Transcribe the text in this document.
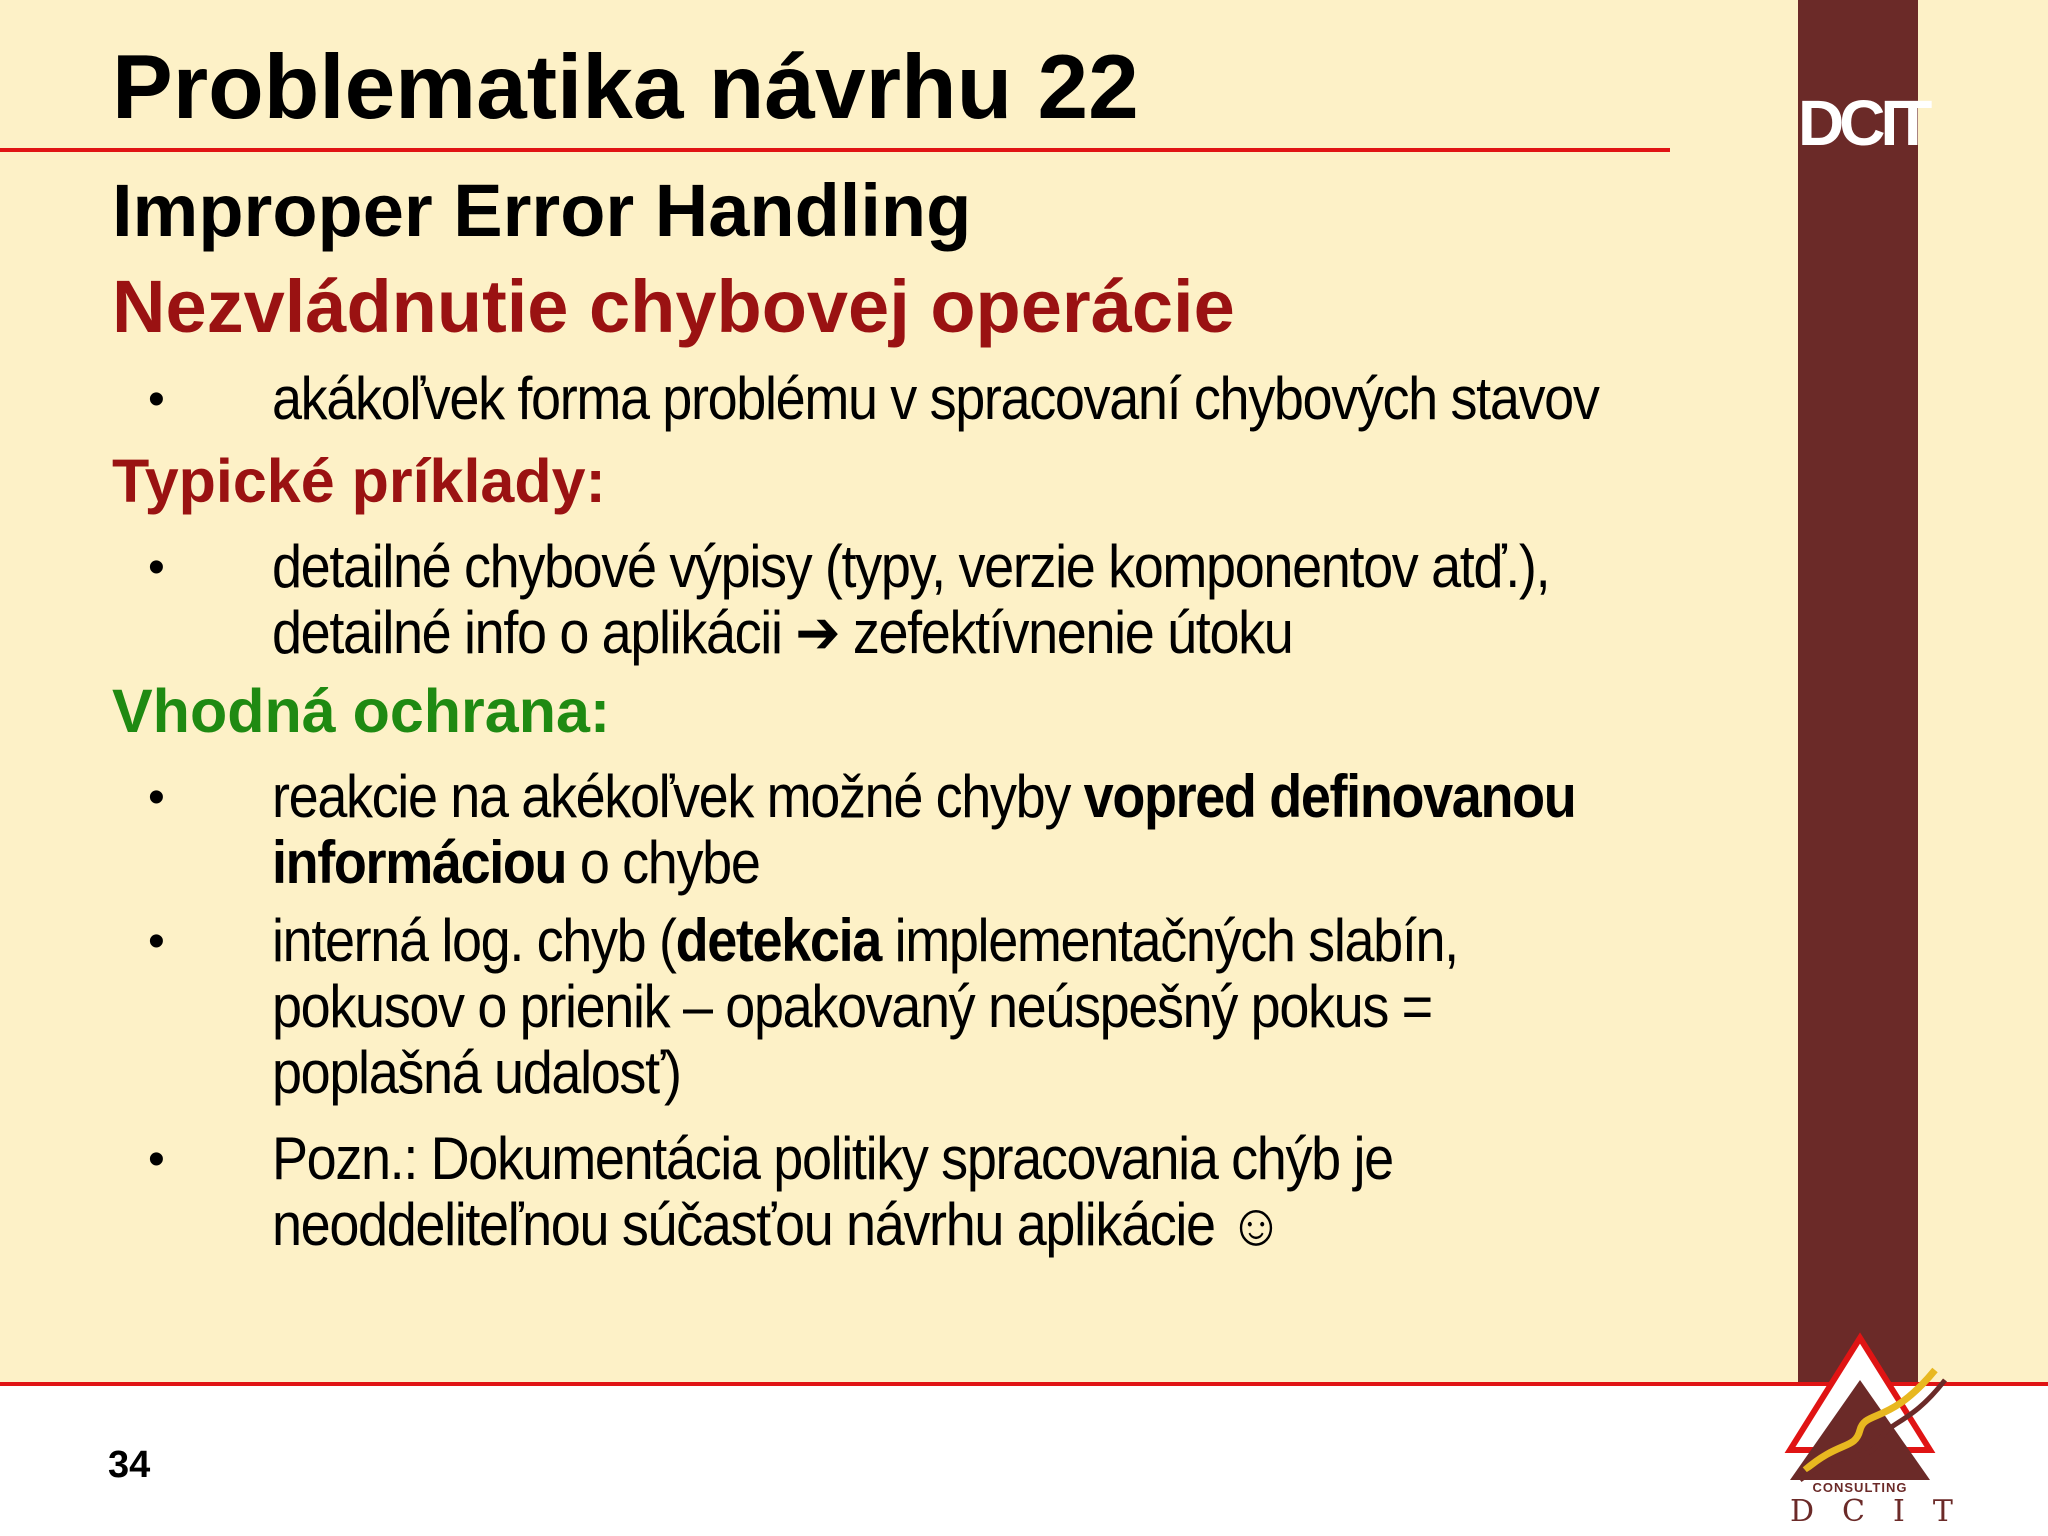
DCIT
Problematika návrhu 22
Improper Error Handling
Nezvládnutie chybovej operácie
• akákoľvek forma problému v spracovaní chybových stavov

Typické príklady:
• detailné chybové výpisy (typy, verzie komponentov atď.),
detailné info o aplikácii ➔ zefektívnenie útoku

Vhodná ochrana:
• reakcie na akékoľvek možné chyby vopred definovanou informáciou o chybe

• interná log. chyb (detekcia implementačných slabín, pokusov o prienik – opakovaný neúspešný pokus = poplašná udalosť)

• Pozn.: Dokumentácia politiky spracovania chýb je neoddeliteľnou súčasťou návrhu aplikácie ☺

34
CONSULTING
DCIT
